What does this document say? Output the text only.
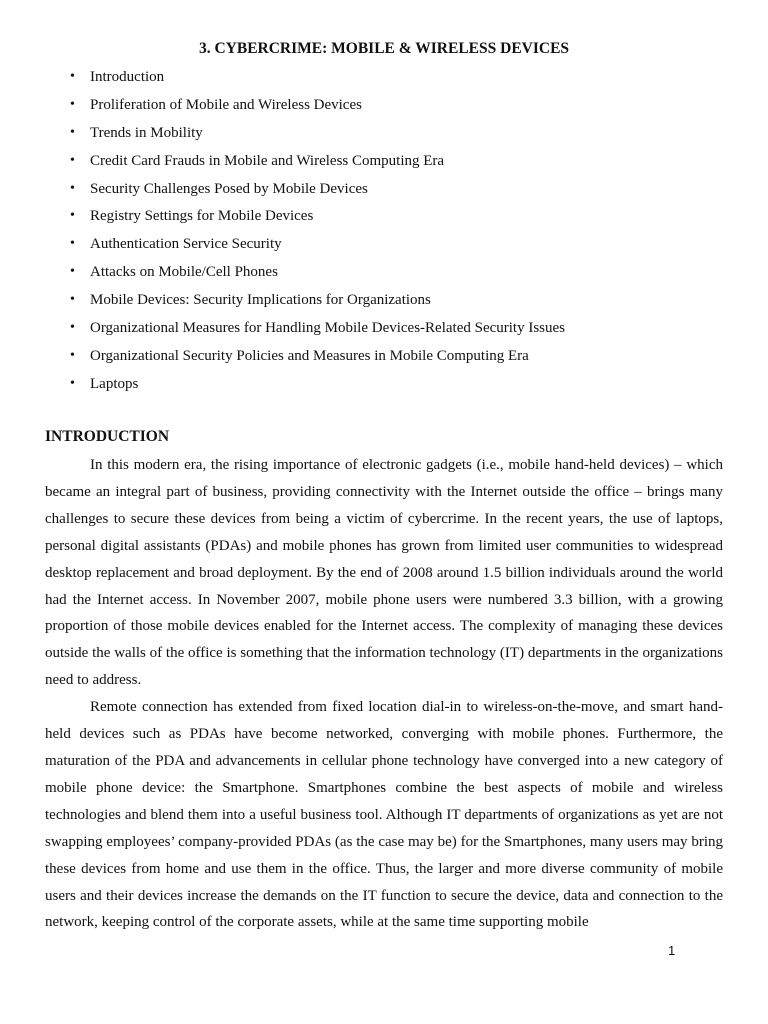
3. CYBERCRIME: MOBILE & WIRELESS DEVICES
• Introduction
• Proliferation of Mobile and Wireless Devices
• Trends in Mobility
• Credit Card Frauds in Mobile and Wireless Computing Era
• Security Challenges Posed by Mobile Devices
• Registry Settings for Mobile Devices
• Authentication Service Security
• Attacks on Mobile/Cell Phones
• Mobile Devices: Security Implications for Organizations
• Organizational Measures for Handling Mobile Devices-Related Security Issues
• Organizational Security Policies and Measures in Mobile Computing Era
• Laptops
INTRODUCTION

In this modern era, the rising importance of electronic gadgets (i.e., mobile hand-held devices) – which became an integral part of business, providing connectivity with the Internet outside the office – brings many challenges to secure these devices from being a victim of cybercrime. In the recent years, the use of laptops, personal digital assistants (PDAs) and mobile phones has grown from limited user communities to widespread desktop replacement and broad deployment. By the end of 2008 around 1.5 billion individuals around the world had the Internet access. In November 2007, mobile phone users were numbered 3.3 billion, with a growing proportion of those mobile devices enabled for the Internet access. The complexity of managing these devices outside the walls of the office is something that the information technology (IT) departments in the organizations need to address.

Remote connection has extended from fixed location dial-in to wireless-on-the-move, and smart hand-held devices such as PDAs have become networked, converging with mobile phones. Furthermore, the maturation of the PDA and advancements in cellular phone technology have converged into a new category of mobile phone device: the Smartphone. Smartphones combine the best aspects of mobile and wireless technologies and blend them into a useful business tool. Although IT departments of organizations as yet are not swapping employees’ company-provided PDAs (as the case may be) for the Smartphones, many users may bring these devices from home and use them in the office. Thus, the larger and more diverse community of mobile users and their devices increase the demands on the IT function to secure the device, data and connection to the network, keeping control of the corporate assets, while at the same time supporting mobile

1
